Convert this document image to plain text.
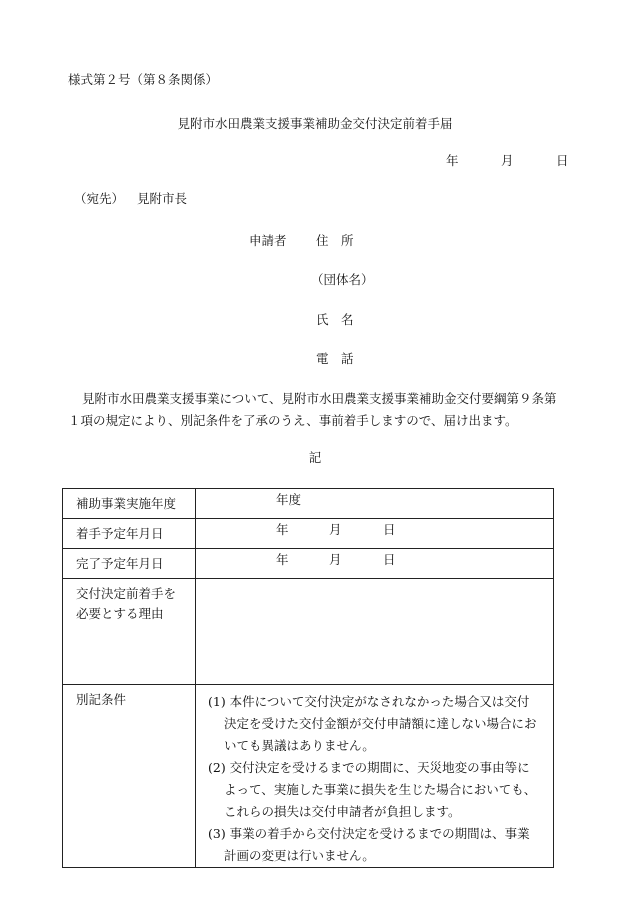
様式第２号（第８条関係）
見附市水田農業支援事業補助金交付決定前着手届
年	月	日
（宛先） 見附市長
申請者 住　所
（団体名）
氏　名
電　話
見附市水田農業支援事業について、見附市水田農業支援事業補助金交付要綱第９条第１項の規定により、別記条件を了承のうえ、事前着手しますので、届け出ます。
記
補助事業実施年度	年度

着手予定年月日	年 月 日

完了予定年月日	年 月 日

交付決定前着手を
必要とする理由	

別記条件	(1) 本件について交付決定がなされなかった場合又は交付決定を受けた交付金額が交付申請額に達しない場合においても異議はありません。
(2) 交付決定を受けるまでの期間に、天災地変の事由等によって、実施した事業に損失を生じた場合においても、これらの損失は交付申請者が負担します。
(3) 事業の着手から交付決定を受けるまでの期間は、事業計画の変更は行いません。
